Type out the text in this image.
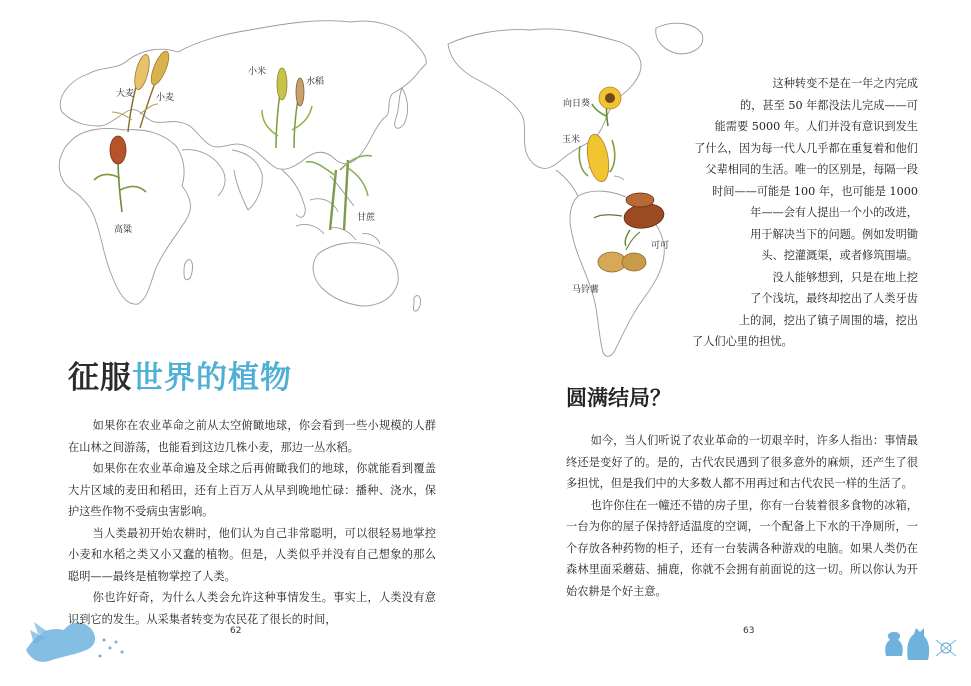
大麦 小麦
小米
水稻
高粱
甘蔗
向日葵
玉米
可可
马铃薯
征服世界的植物

如果你在农业革命之前从太空俯瞰地球，你会看到一些小规模的人群在山林之间游荡，也能看到这边几株小麦，那边一丛水稻。

如果你在农业革命遍及全球之后再俯瞰我们的地球，你就能看到覆盖大片区域的麦田和稻田，还有上百万人从早到晚地忙碌：播种、浇水，保护这些作物不受病虫害影响。

当人类最初开始农耕时，他们认为自己非常聪明，可以很轻易地掌控小麦和水稻之类又小又蠢的植物。但是，人类似乎并没有自己想象的那么聪明——最终是植物掌控了人类。

你也许好奇，为什么人类会允许这种事情发生。事实上，人类没有意识到它的发生。从采集者转变为农民花了很长的时间，

62
这种转变不是在一年之内完成
的，甚至 50 年都没法儿完成——可
能需要 5000 年。人们并没有意识到发生
了什么，因为每一代人几乎都在重复着和他们
父辈相同的生活。唯一的区别是，每隔一段
时间——可能是 100 年，也可能是 1000
年——会有人提出一个小的改进，
用于解决当下的问题。例如发明锄
头、挖灌溉渠，或者修筑围墙。
没人能够想到，只是在地上挖
了个浅坑，最终却挖出了人类牙齿
上的洞，挖出了镇子周围的墙，挖出
了人们心里的担忧。
圆满结局？

如今，当人们听说了农业革命的一切艰辛时，许多人指出：事情最终还是变好了的。是的，古代农民遇到了很多意外的麻烦，还产生了很多担忧，但是我们中的大多数人都不用再过和古代农民一样的生活了。

也许你住在一幢还不错的房子里，你有一台装着很多食物的冰箱，一台为你的屋子保持舒适温度的空调，一个配备上下水的干净厕所，一个存放各种药物的柜子，还有一台装满各种游戏的电脑。如果人类仍在森林里面采蘑菇、捕鹿，你就不会拥有前面说的这一切。所以你认为开始农耕是个好主意。

63
